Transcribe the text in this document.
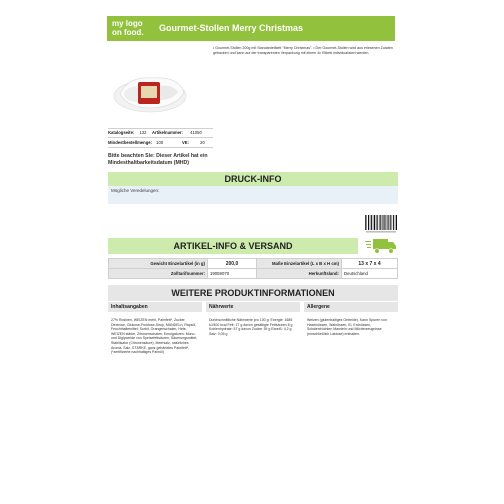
my logo
on food.	Gourmet-Stollen Merry Christmas
• Gourmet-Stollen 200g mit Standardetikett "Merry Christmas". • Der Gourmet-Stollen wird aus erlesenen Zutaten gebacken und kann auf der transparenten Verpackung mit einem 4c Etikett individualisiert werden.
Katalogseite: 132 Artikelnummer: 41050
Mindestbestellmenge: 100	VE:	20
Bitte beachten Sie: Dieser Artikel hat ein Mindesthaltbarkeitsdatum (MHD)
DRUCK-INFO
Mögliche Veredelungen:
ARTIKEL-INFO & VERSAND
Gewicht Einzelartikel (in g)	200,0	Maße Einzelartikel (L x B x H cm)	13 x 7 x 4
Zolltarifnummer:	19059070	Herkunftsland:	Deutschland
WEITERE PRODUKTINFORMATIONEN
Inhaltsangaben	Nährwerte	Allergene
27% Rosinen, WEIZEN mehl, Palmfett*, Zucker, Dextrose, Glukose-Fruktose-Sirup, MANDELn, Rapsöl, Feuchthaltemittel: Sorbit, Orangenschalen, Hefe, WEIZEN stärke, Zitronenschalen, Emulgatoren: Mono- und Diglyceride von Speisefettsäuren, Säuerungsmittel, Stabilisator (Citronensäure), Meersalz, natürliches Aroma, Salz, STÄRKE, ganz gehärtetes Palmfett*, (*zertifizierte nachhaltiges Palmöl)
Durchschnittliche Nährwerte pro 100 g: Energie: 1685 kJ/400 kcal Fett: 17 g davon gesättigte Fettsäuren 8 g Kohlenhydrate: 57 g davon Zucker 39 g Eiweiß: 4,2 g Salz: 0,05 g
Weizen (glutenhaltiges Getreide). Kann Spuren von Haselnüssen, Walnüssen, Ei, Erdnüssen, Schalenfrüchten Mandeln und Milcherzeugnisse (einschließlich Laktose) enthalten.
